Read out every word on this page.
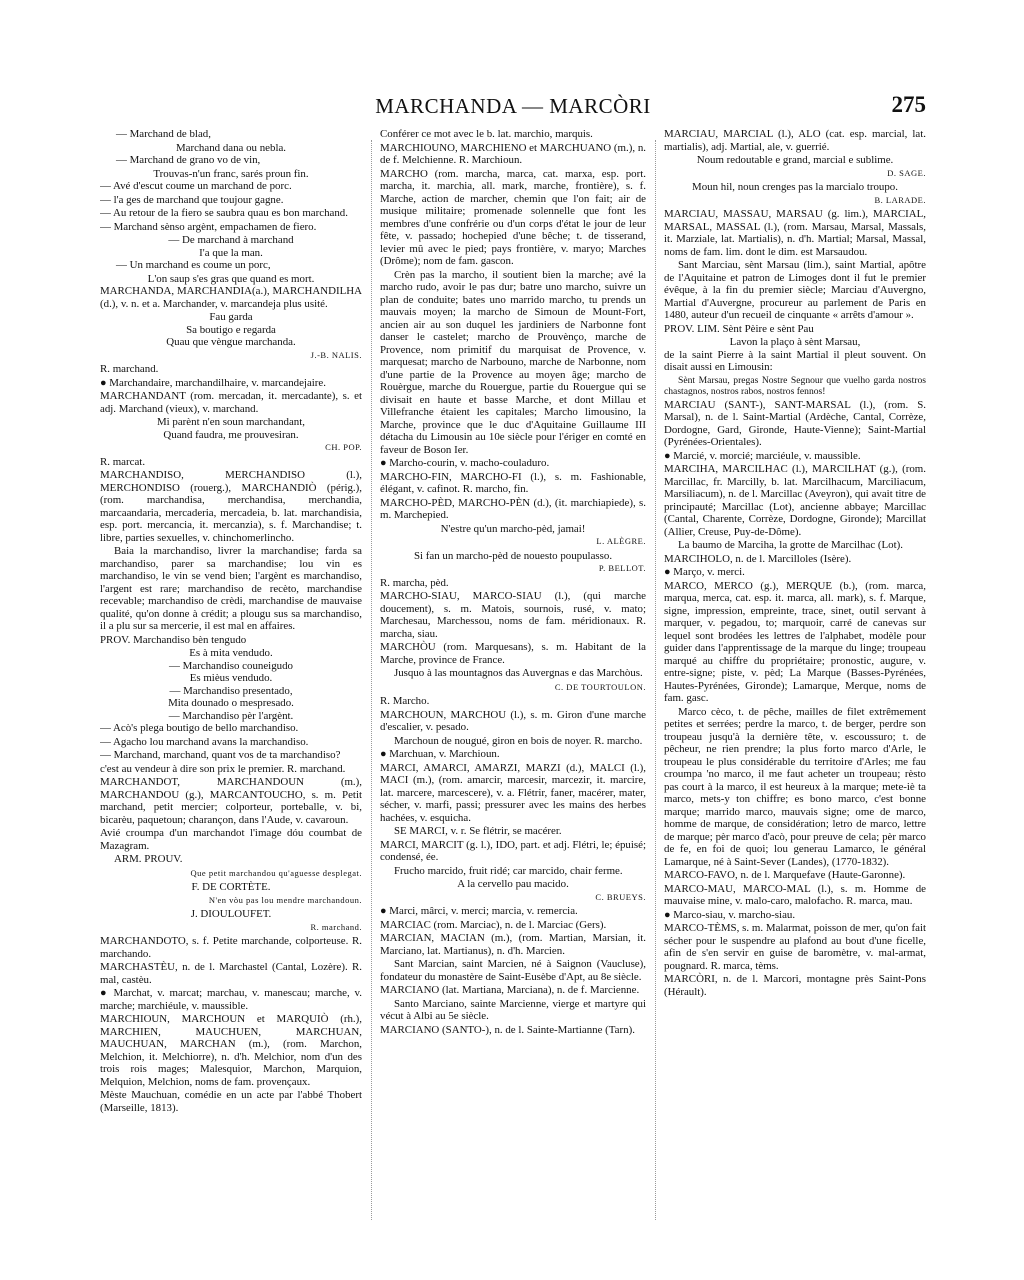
MARCHANDA — MARCÒRI	275

— Marchand de blad,

Marchand dana ou nebla.

— Marchand de grano vo de vin,

Trouvas-n'un franc, sarés proun fin.

— Avé d'escut coume un marchand de porc.

— l'a ges de marchand que toujour gagne.

— Au retour de la fiero se saubra quau es bon marchand.

— Marchand sènso argènt, empachamen de fiero.

— De marchand à marchand

I'a que la man.

— Un marchand es coume un porc,

L'on saup s'es gras que quand es mort.

MARCHANDA, MARCHANDIA(a.), MARCHANDILHA (d.), v. n. et a. Marchander, v. marcandeja plus usité.

Fau garda

Sa boutigo e regarda

Quau que vèngue marchanda.

J.-B. NALIS.

R. marchand.

● Marchandaire, marchandilhaire, v. marcandejaire.

MARCHANDANT (rom. mercadan, it. mercadante), s. et adj. Marchand (vieux), v. marchand.

Mi parènt n'en soun marchandant,

Quand faudra, me prouvesiran.

CH. POP.

R. marcat.

MARCHANDISO, MERCHANDISO (l.), MERCHONDISO (rouerg.), MARCHANDIÒ (périg.), (rom. marchandisa, merchandisa, merchandia, marcaandaria, mercaderia, mercadeia, b. lat. marchandisia, esp. port. mercancia, it. mercanzia), s. f. Marchandise; t. libre, parties sexuelles, v. chinchomerlincho.

Baia la marchandiso, livrer la marchandise; farda sa marchandiso, parer sa marchandise; lou vin es marchandiso, le vin se vend bien; l'argènt es marchandiso, l'argent est rare; marchandiso de recèto, marchandise recevable; marchandiso de crèdi, marchandise de mauvaise qualité, qu'on donne à crédit; a plougu sus sa marchandiso, il a plu sur sa mercerie, il est mal en affaires.

PROV. Marchandiso bèn tengudo

Es à mita vendudo.

— Marchandiso couneigudo

Es mièus vendudo.

— Marchandiso presentado,

Mita dounado o mespresado.

— Marchandiso pèr l'argènt.

— Acò's plega boutigo de bello marchandiso.

— Agacho lou marchand avans la marchandiso.

— Marchand, marchand, quant vos de ta marchandiso?

c'est au vendeur à dire son prix le premier. R. marchand.

MARCHANDOT, MARCHANDOUN (m.), MARCHANDOU (g.), MARCANTOUCHO, s. m. Petit marchand, petit mercier; colporteur, porteballe, v. bi, bicarèu, paquetoun; charançon, dans l'Aude, v. cavaroun.

Avié croumpa d'un marchandot l'image dóu coumbat de Mazagram.

ARM. PROUV.

Que petit marchandou qu'aguesse desplegat.

F. DE CORTÈTE.

N'en vòu pas lou mendre marchandoun.

J. DIOULOUFET.

R. marchand.

MARCHANDOTO, s. f. Petite marchande, colporteuse. R. marchando.

MARCHASTÈU, n. de l. Marchastel (Cantal, Lozère). R. mal, castèu.

● Marchat, v. marcat; marchau, v. manescau; marche, v. marche; marchiéule, v. maussible.

MARCHIOUN, MARCHOUN et MARQUIÒ (rh.), MARCHIEN, MAUCHUEN, MARCHUAN, MAUCHUAN, MARCHAN (m.), (rom. Marchon, Melchion, it. Melchiorre), n. d'h. Melchior, nom d'un des trois rois mages; Malesquior, Marchon, Marquion, Melquion, Melchion, noms de fam. provençaux.

Mèste Mauchuan, comédie en un acte par l'abbé Thobert (Marseille, 1813).

Conférer ce mot avec le b. lat. marchio, marquis.

MARCHIOUNO, MARCHIENO et MARCHUANO (m.), n. de f. Melchienne. R. Marchioun.

MARCHO (rom. marcha, marca, cat. marxa, esp. port. marcha, it. marchia, all. mark, marche, frontière), s. f. Marche, action de marcher, chemin que l'on fait; air de musique militaire; promenade solennelle que font les membres d'une confrérie ou d'un corps d'état le jour de leur fête, v. passado; hochepied d'une bêche; t. de tisserand, levier mû avec le pied; pays frontière, v. maryo; Marches (Drôme); nom de fam. gascon.

Crèn pas la marcho, il soutient bien la marche; avé la marcho rudo, avoir le pas dur; batre uno marcho, suivre un plan de conduite; bates uno marrido marcho, tu prends un mauvais moyen; la marcho de Simoun de Mount-Fort, ancien air au son duquel les jardiniers de Narbonne font danser le castelet; marcho de Prouvènço, marche de Provence, nom primitif du marquisat de Provence, v. marquesat; marcho de Narbouno, marche de Narbonne, nom d'une partie de la Provence au moyen âge; marcho de Rouèrgue, marche du Rouergue, partie du Rouergue qui se divisait en haute et basse Marche, et dont Millau et Villefranche étaient les capitales; Marcho limousino, la Marche, province que le duc d'Aquitaine Guillaume III détacha du Limousin au 10e siècle pour l'ériger en comté en faveur de Boson Ier.

● Marcho-courin, v. macho-couladuro.

MARCHO-FIN, MARCHO-FI (l.), s. m. Fashionable, élégant, v. cafinot. R. marcho, fin.

MARCHO-PÈD, MARCHO-PÈN (d.), (it. marchiapiede), s. m. Marchepied.

N'estre qu'un marcho-pèd, jamai!

L. ALÈGRE.

Si fan un marcho-pèd de nouesto poupulasso.

P. BELLOT.

R. marcha, pèd.

MARCHO-SIAU, MARCO-SIAU (l.), (qui marche doucement), s. m. Matois, sournois, rusé, v. mato; Marchesau, Marchessou, noms de fam. méridionaux. R. marcha, siau.

MARCHÒU (rom. Marquesans), s. m. Habitant de la Marche, province de France.

Jusquo à las mountagnos das Auvergnas e das Marchòus.

C. DE TOURTOULON.

R. Marcho.

MARCHOUN, MARCHOU (l.), s. m. Giron d'une marche d'escalier, v. pesado.

Marchoun de nougué, giron en bois de noyer. R. marcho.

● Marchuan, v. Marchioun.

MARCI, AMARCI, AMARZI, MARZI (d.), MALCI (l.), MACI (m.), (rom. amarcir, marcesir, marcezir, it. marcire, lat. marcere, marcescere), v. a. Flétrir, faner, macérer, mater, sécher, v. marfi, passi; pressurer avec les mains des herbes hachées, v. esquicha.

SE MARCI, v. r. Se flétrir, se macérer.

MARCI, MARCIT (g. l.), IDO, part. et adj. Flétri, le; épuisé; condensé, ée.

Frucho marcido, fruit ridé; car marcido, chair ferme.

A la cervello pau macido.

C. BRUEYS.

● Marci, mârci, v. merci; marcia, v. remercia.

MARCIAC (rom. Marciac), n. de l. Marciac (Gers).

MARCIAN, MACIAN (m.), (rom. Martian, Marsian, it. Marciano, lat. Martianus), n. d'h. Marcien.

Sant Marcian, saint Marcien, né à Saignon (Vaucluse), fondateur du monastère de Saint-Eusèbe d'Apt, au 8e siècle.

MARCIANO (lat. Martiana, Marciana), n. de f. Marcienne.

Santo Marciano, sainte Marcienne, vierge et martyre qui vécut à Albi au 5e siècle.

MARCIANO (SANTO-), n. de l. Sainte-Martianne (Tarn).

MARCIAU, MARCIAL (l.), ALO (cat. esp. marcial, lat. martialis), adj. Martial, ale, v. guerrié.

Noum redoutable e grand, marcial e sublime.

D. SAGE.

Moun hil, noun crenges pas la marcialo troupo.

B. LARADE.

MARCIAU, MASSAU, MARSAU (g. lim.), MARCIAL, MARSAL, MASSAL (l.), (rom. Marsau, Marsal, Massals, it. Marziale, lat. Martialis), n. d'h. Martial; Marsal, Massal, noms de fam. lim. dont le dim. est Marsaudou.

Sant Marciau, sènt Marsau (lim.), saint Martial, apôtre de l'Aquitaine et patron de Limoges dont il fut le premier évêque, à la fin du premier siècle; Marciau d'Auvergno, Martial d'Auvergne, procureur au parlement de Paris en 1480, auteur d'un recueil de cinquante « arrêts d'amour ».

PROV. LIM. Sènt Pèire e sènt Pau

Lavon la plaço à sènt Marsau,

de la saint Pierre à la saint Martial il pleut souvent. On disait aussi en Limousin:

Sènt Marsau, pregas Nostre Segnour que vuelho garda nostros chastagnos, nostros rabos, nostros fennos!

MARCIAU (SANT-), SANT-MARSAL (l.), (rom. S. Marsal), n. de l. Saint-Martial (Ardèche, Cantal, Corrèze, Dordogne, Gard, Gironde, Haute-Vienne); Saint-Martial (Pyrénées-Orientales).

● Marcié, v. morcié; marciéule, v. maussible.

MARCIHA, MARCILHAC (l.), MARCILHAT (g.), (rom. Marcillac, fr. Marcilly, b. lat. Marcilhacum, Marciliacum, Marsiliacum), n. de l. Marcillac (Aveyron), qui avait titre de principauté; Marcillac (Lot), ancienne abbaye; Marcillac (Cantal, Charente, Corrèze, Dordogne, Gironde); Marcillat (Allier, Creuse, Puy-de-Dôme).

La baumo de Marciha, la grotte de Marcilhac (Lot).

MARCIHOLO, n. de l. Marcilloles (Isère).

● Março, v. merci.

MARCO, MERCO (g.), MERQUE (b.), (rom. marca, marqua, merca, cat. esp. it. marca, all. mark), s. f. Marque, signe, impression, empreinte, trace, sinet, outil servant à marquer, v. pegadou, to; marquoir, carré de canevas sur lequel sont brodées les lettres de l'alphabet, modèle pour guider dans l'apprentissage de la marque du linge; troupeau marqué au chiffre du propriétaire; pronostic, augure, v. entre-signe; piste, v. pèd; La Marque (Basses-Pyrénées, Hautes-Pyrénées, Gironde); Lamarque, Merque, noms de fam. gasc.

Marco cèco, t. de pêche, mailles de filet extrêmement petites et serrées; perdre la marco, t. de berger, perdre son troupeau jusqu'à la dernière tête, v. escoussuro; t. de pêcheur, ne rien prendre; la plus forto marco d'Arle, le troupeau le plus considérable du territoire d'Arles; me fau croumpa 'no marco, il me faut acheter un troupeau; rèsto pas court à la marco, il est heureux à la marque; mete-iè ta marco, mets-y ton chiffre; es bono marco, c'est bonne marque; marrido marco, mauvais signe; ome de marco, homme de marque, de considération; letro de marco, lettre de marque; pèr marco d'acò, pour preuve de cela; pèr marco de fe, en foi de quoi; lou generau Lamarco, le général Lamarque, né à Saint-Sever (Landes), (1770-1832).

MARCO-FAVO, n. de l. Marquefave (Haute-Garonne).

MARCO-MAU, MARCO-MAL (l.), s. m. Homme de mauvaise mine, v. malo-caro, malofacho. R. marca, mau.

● Marco-siau, v. marcho-siau.

MARCO-TÈMS, s. m. Malarmat, poisson de mer, qu'on fait sécher pour le suspendre au plafond au bout d'une ficelle, afin de s'en servir en guise de baromètre, v. mal-armat, pougnard. R. marca, tèms.

MARCÒRI, n. de l. Marcori, montagne près Saint-Pons (Hérault).
